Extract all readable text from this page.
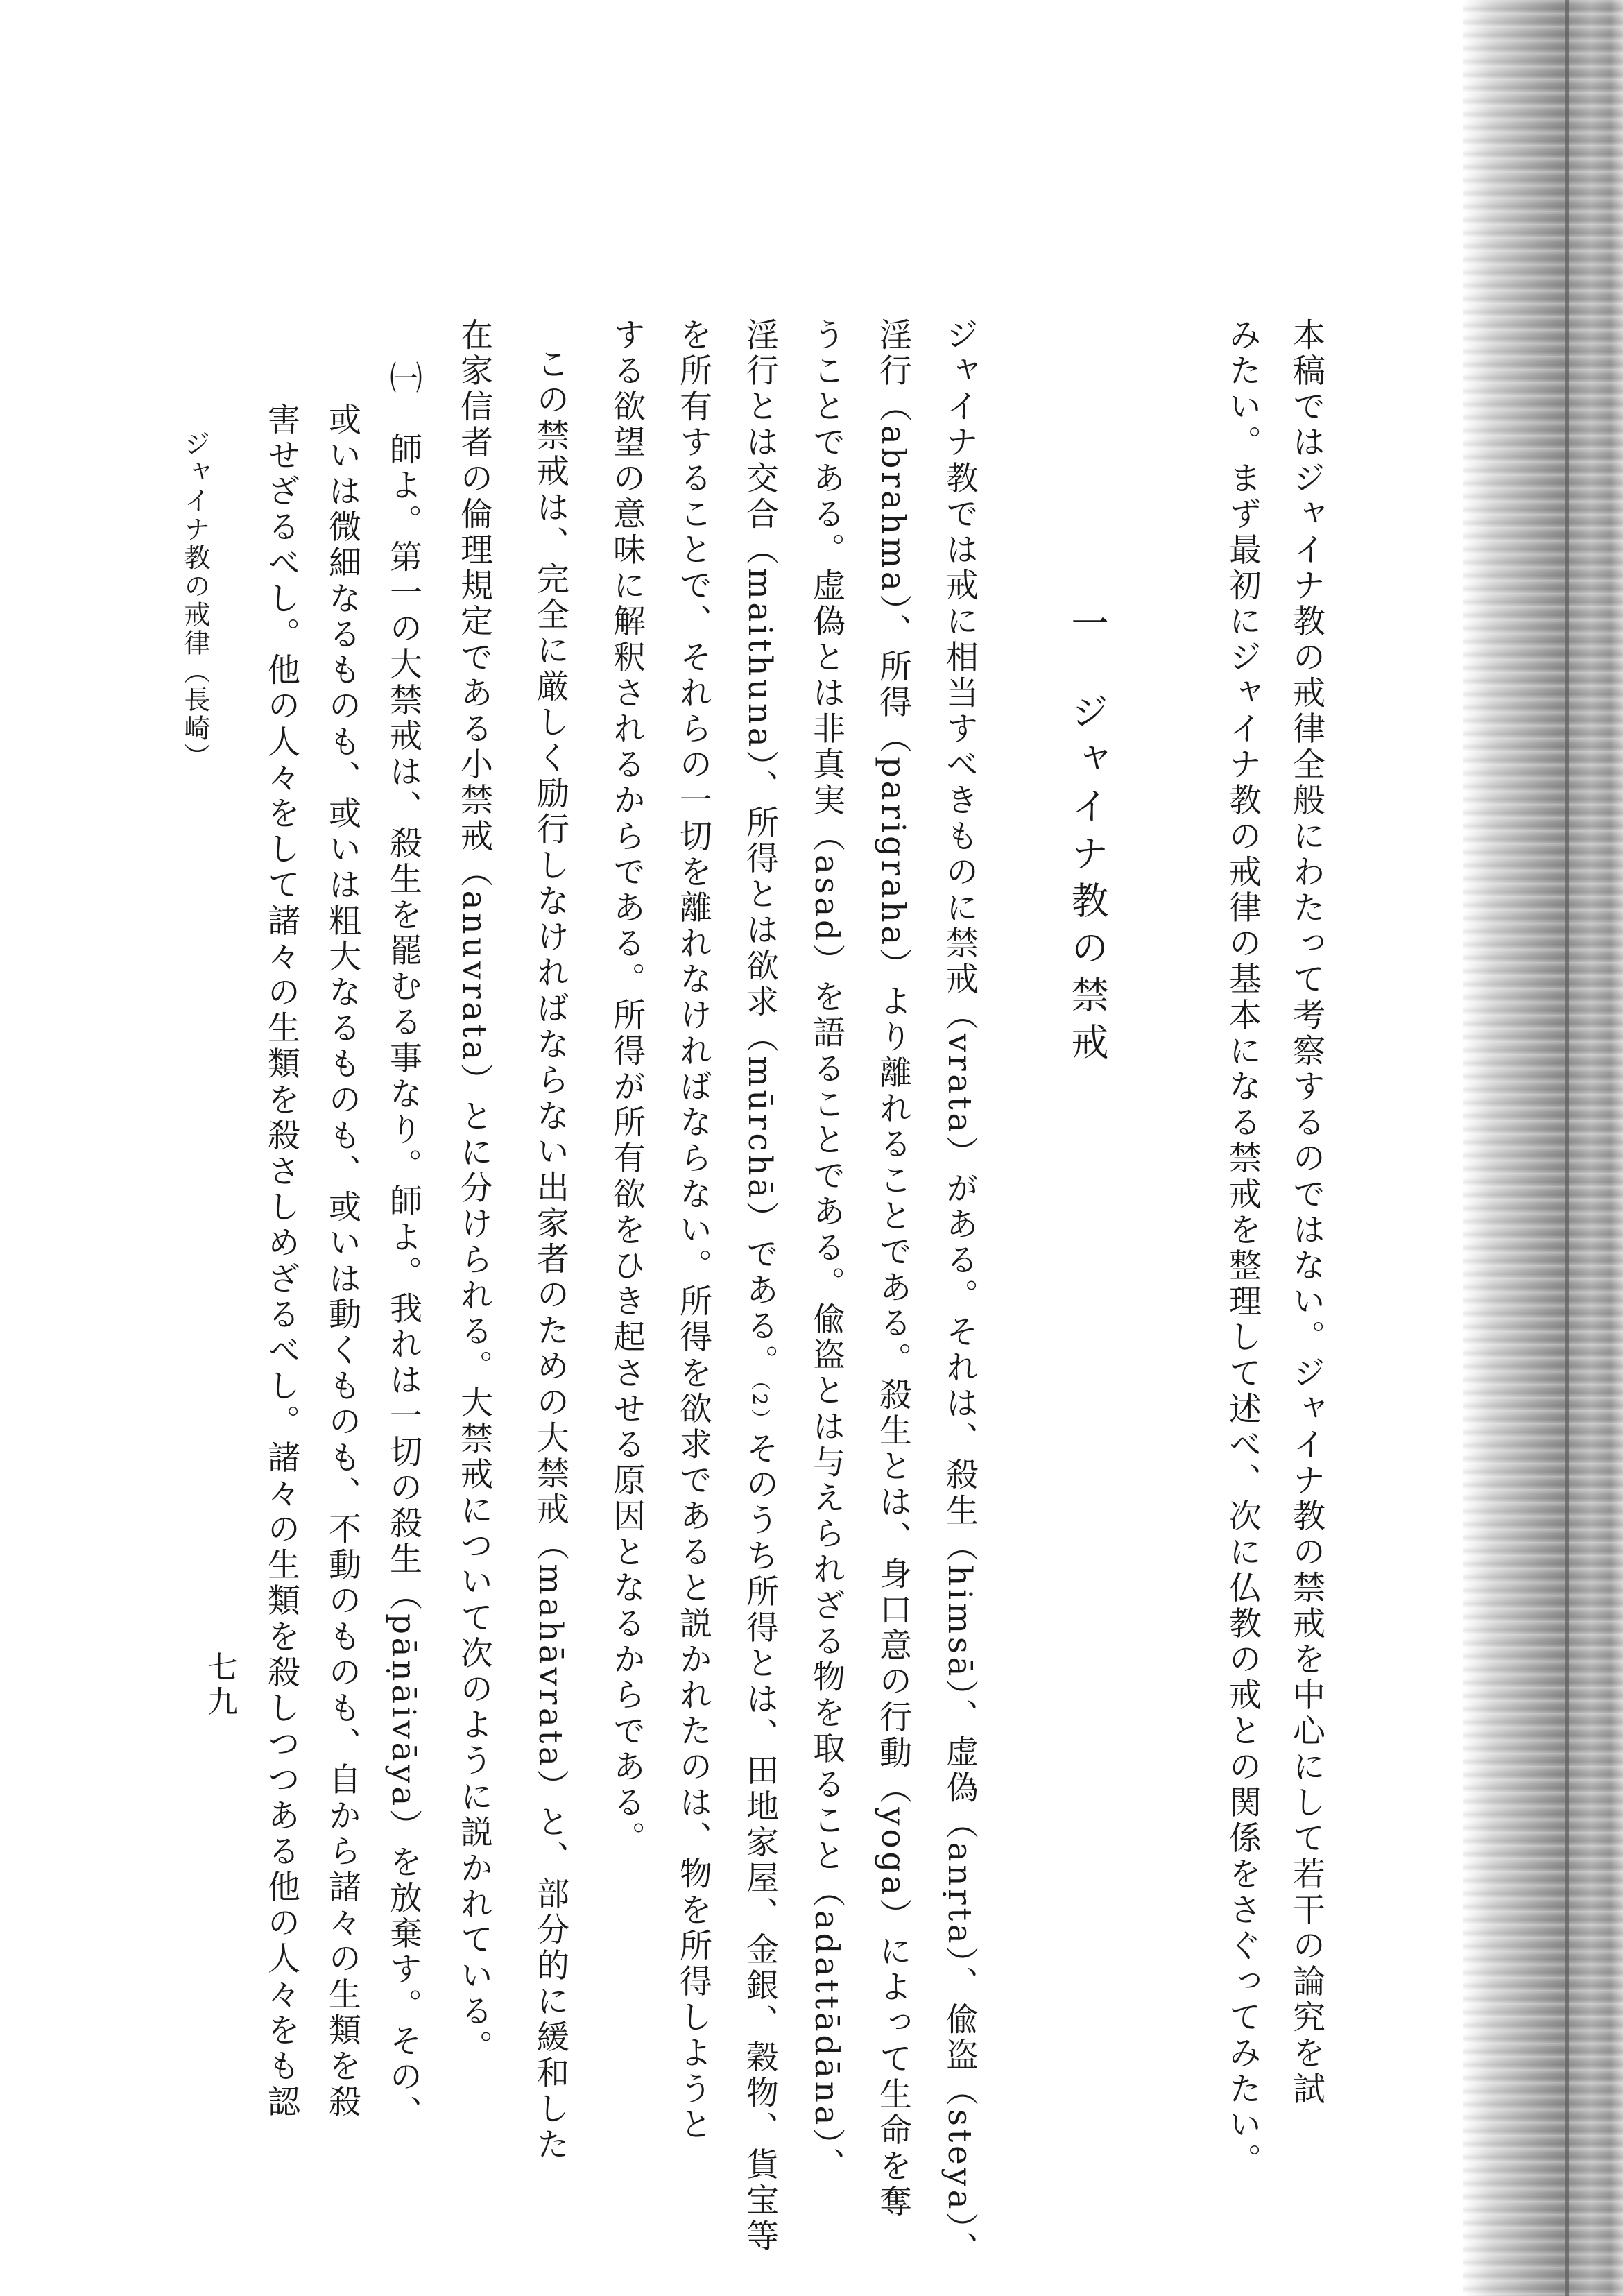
本稿ではジャイナ教の戒律全般にわたって考察するのではない。ジャイナ教の禁戒を中心にして若干の論究を試
みたい。まず最初にジャイナ教の戒律の基本になる禁戒を整理して述べ、次に仏教の戒との関係をさぐってみたい。
一ジャイナ教の禁戒
ジャイナ教では戒に相当すべきものに禁戒（vrata）がある。それは、殺生（himsā）、虚偽（anṛta）、偸盗（steya）、
淫行（abrahma）、所得（parigraha）より離れることである。殺生とは、身口意の行動（yoga）によって生命を奪
うことである。虚偽とは非真実（asad）を語ることである。偸盗とは与えられざる物を取ること（adattādāna）、
淫行とは交合（maithuna）、所得とは欲求（mūrchā）である。（2）そのうち所得とは、田地家屋、金銀、穀物、貨宝等
を所有することで、それらの一切を離れなければならない。所得を欲求であると説かれたのは、物を所得しようと
する欲望の意味に解釈されるからである。所得が所有欲をひき起させる原因となるからである。
この禁戒は、完全に厳しく励行しなければならない出家者のための大禁戒（mahāvrata）と、部分的に緩和した
在家信者の倫理規定である小禁戒（anuvrata）とに分けられる。大禁戒について次のように説かれている。
㈠　師よ。第一の大禁戒は、殺生を罷むる事なり。師よ。我れは一切の殺生（pāṇāivāya）を放棄す。その、
或いは微細なるものも、或いは粗大なるものも、或いは動くものも、不動のものも、自から諸々の生類を殺
害せざるべし。他の人々をして諸々の生類を殺さしめざるべし。諸々の生類を殺しつつある他の人々をも認
ジャイナ教の戒律（長崎）
七九
